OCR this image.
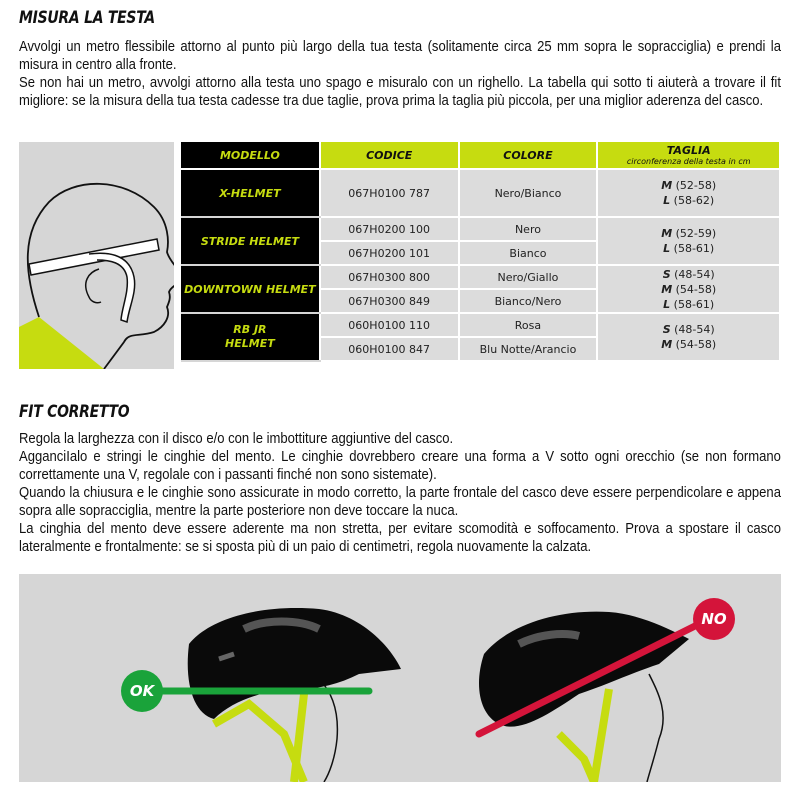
MISURA LA TESTA

Avvolgi un metro flessibile attorno al punto più largo della tua testa (solitamente circa 25 mm sopra le sopracciglia) e prendi la misura in centro alla fronte.

Se non hai un metro, avvolgi attorno alla testa uno spago e misuralo con un righello. La tabella qui sotto ti aiuterà a trovare il fit migliore: se la misura della tua testa cadesse tra due taglie, prova prima la taglia più piccola, per una miglior aderenza del casco.

MODELLO	CODICE	COLORE	TAGLIA
circonferenza della testa in cm

X-HELMET	067H0100 787	Nero/Bianco	M (52-58)
L (58-62)
STRIDE HELMET	067H0200 100	Nero	M (52-59)
L (58-61)
	067H0200 101	Bianco	
DOWNTOWN HELMET	067H0300 800	Nero/Giallo	S (48-54)
M (54-58)
L (58-61)
	067H0300 849	Bianco/Nero	
RB JR
HELMET	060H0100 110	Rosa	S (48-54)
M (54-58)
	060H0100 847	Blu Notte/Arancio	
FIT CORRETTO

Regola la larghezza con il disco e/o con le imbottiture aggiuntive del casco.

AgganciIalo e stringi le cinghie del mento. Le cinghie dovrebbero creare una forma a V sotto ogni orecchio (se non formano correttamente una V, regolale con i passanti finché non sono sistemate).

Quando la chiusura e le cinghie sono assicurate in modo corretto, la parte frontale del casco deve essere perpendicolare e appena sopra alle sopracciglia, mentre la parte posteriore non deve toccare la nuca.

La cinghia del mento deve essere aderente ma non stretta, per evitare scomodità e soffocamento. Prova a spostare il casco lateralmente e frontalmente: se si sposta più di un paio di centimetri, regola nuovamente la calzata.

OK
NO
